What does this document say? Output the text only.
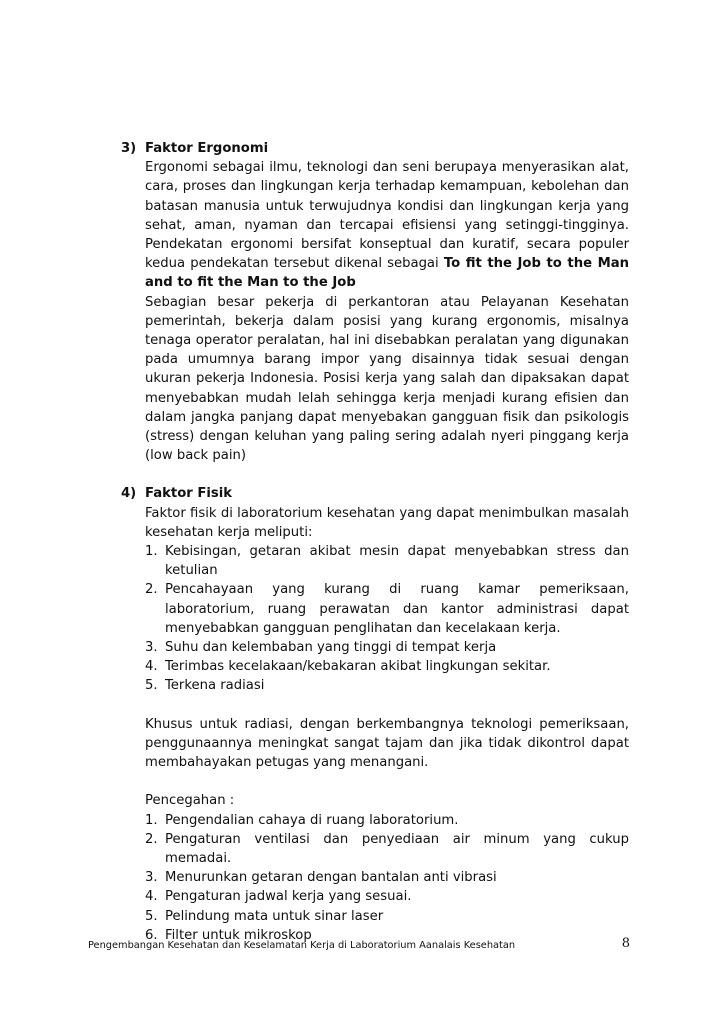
3) Faktor Ergonomi

Ergonomi sebagai ilmu, teknologi dan seni berupaya menyerasikan alat, cara, proses dan lingkungan kerja terhadap kemampuan, kebolehan dan batasan manusia untuk terwujudnya kondisi dan lingkungan kerja yang sehat, aman, nyaman dan tercapai efisiensi yang setinggi-tingginya. Pendekatan ergonomi bersifat konseptual dan kuratif, secara populer kedua pendekatan tersebut dikenal sebagai To fit the Job to the Man and to fit the Man to the Job

Sebagian besar pekerja di perkantoran atau Pelayanan Kesehatan pemerintah, bekerja dalam posisi yang kurang ergonomis, misalnya tenaga operator peralatan, hal ini disebabkan peralatan yang digunakan pada umumnya barang impor yang disainnya tidak sesuai dengan ukuran pekerja Indonesia. Posisi kerja yang salah dan dipaksakan dapat menyebabkan mudah lelah sehingga kerja menjadi kurang efisien dan dalam jangka panjang dapat menyebakan gangguan fisik dan psikologis (stress) dengan keluhan yang paling sering adalah nyeri pinggang kerja (low back pain)

4) Faktor Fisik

Faktor fisik di laboratorium kesehatan yang dapat menimbulkan masalah kesehatan kerja meliputi:

1. Kebisingan, getaran akibat mesin dapat menyebabkan stress dan ketulian
2. Pencahayaan yang kurang di ruang kamar pemeriksaan, laboratorium, ruang perawatan dan kantor administrasi dapat menyebabkan gangguan penglihatan dan kecelakaan kerja.
3. Suhu dan kelembaban yang tinggi di tempat kerja
4. Terimbas kecelakaan/kebakaran akibat lingkungan sekitar.
5. Terkena radiasi

Khusus untuk radiasi, dengan berkembangnya teknologi pemeriksaan, penggunaannya meningkat sangat tajam dan jika tidak dikontrol dapat membahayakan petugas yang menangani.

Pencegahan :

1. Pengendalian cahaya di ruang laboratorium.
2. Pengaturan ventilasi dan penyediaan air minum yang cukup memadai.
3. Menurunkan getaran dengan bantalan anti vibrasi
4. Pengaturan jadwal kerja yang sesuai.
5. Pelindung mata untuk sinar laser
6. Filter untuk mikroskop
Pengembangan Kesehatan dan Keselamatan Kerja di Laboratorium Aanalais Kesehatan	8
